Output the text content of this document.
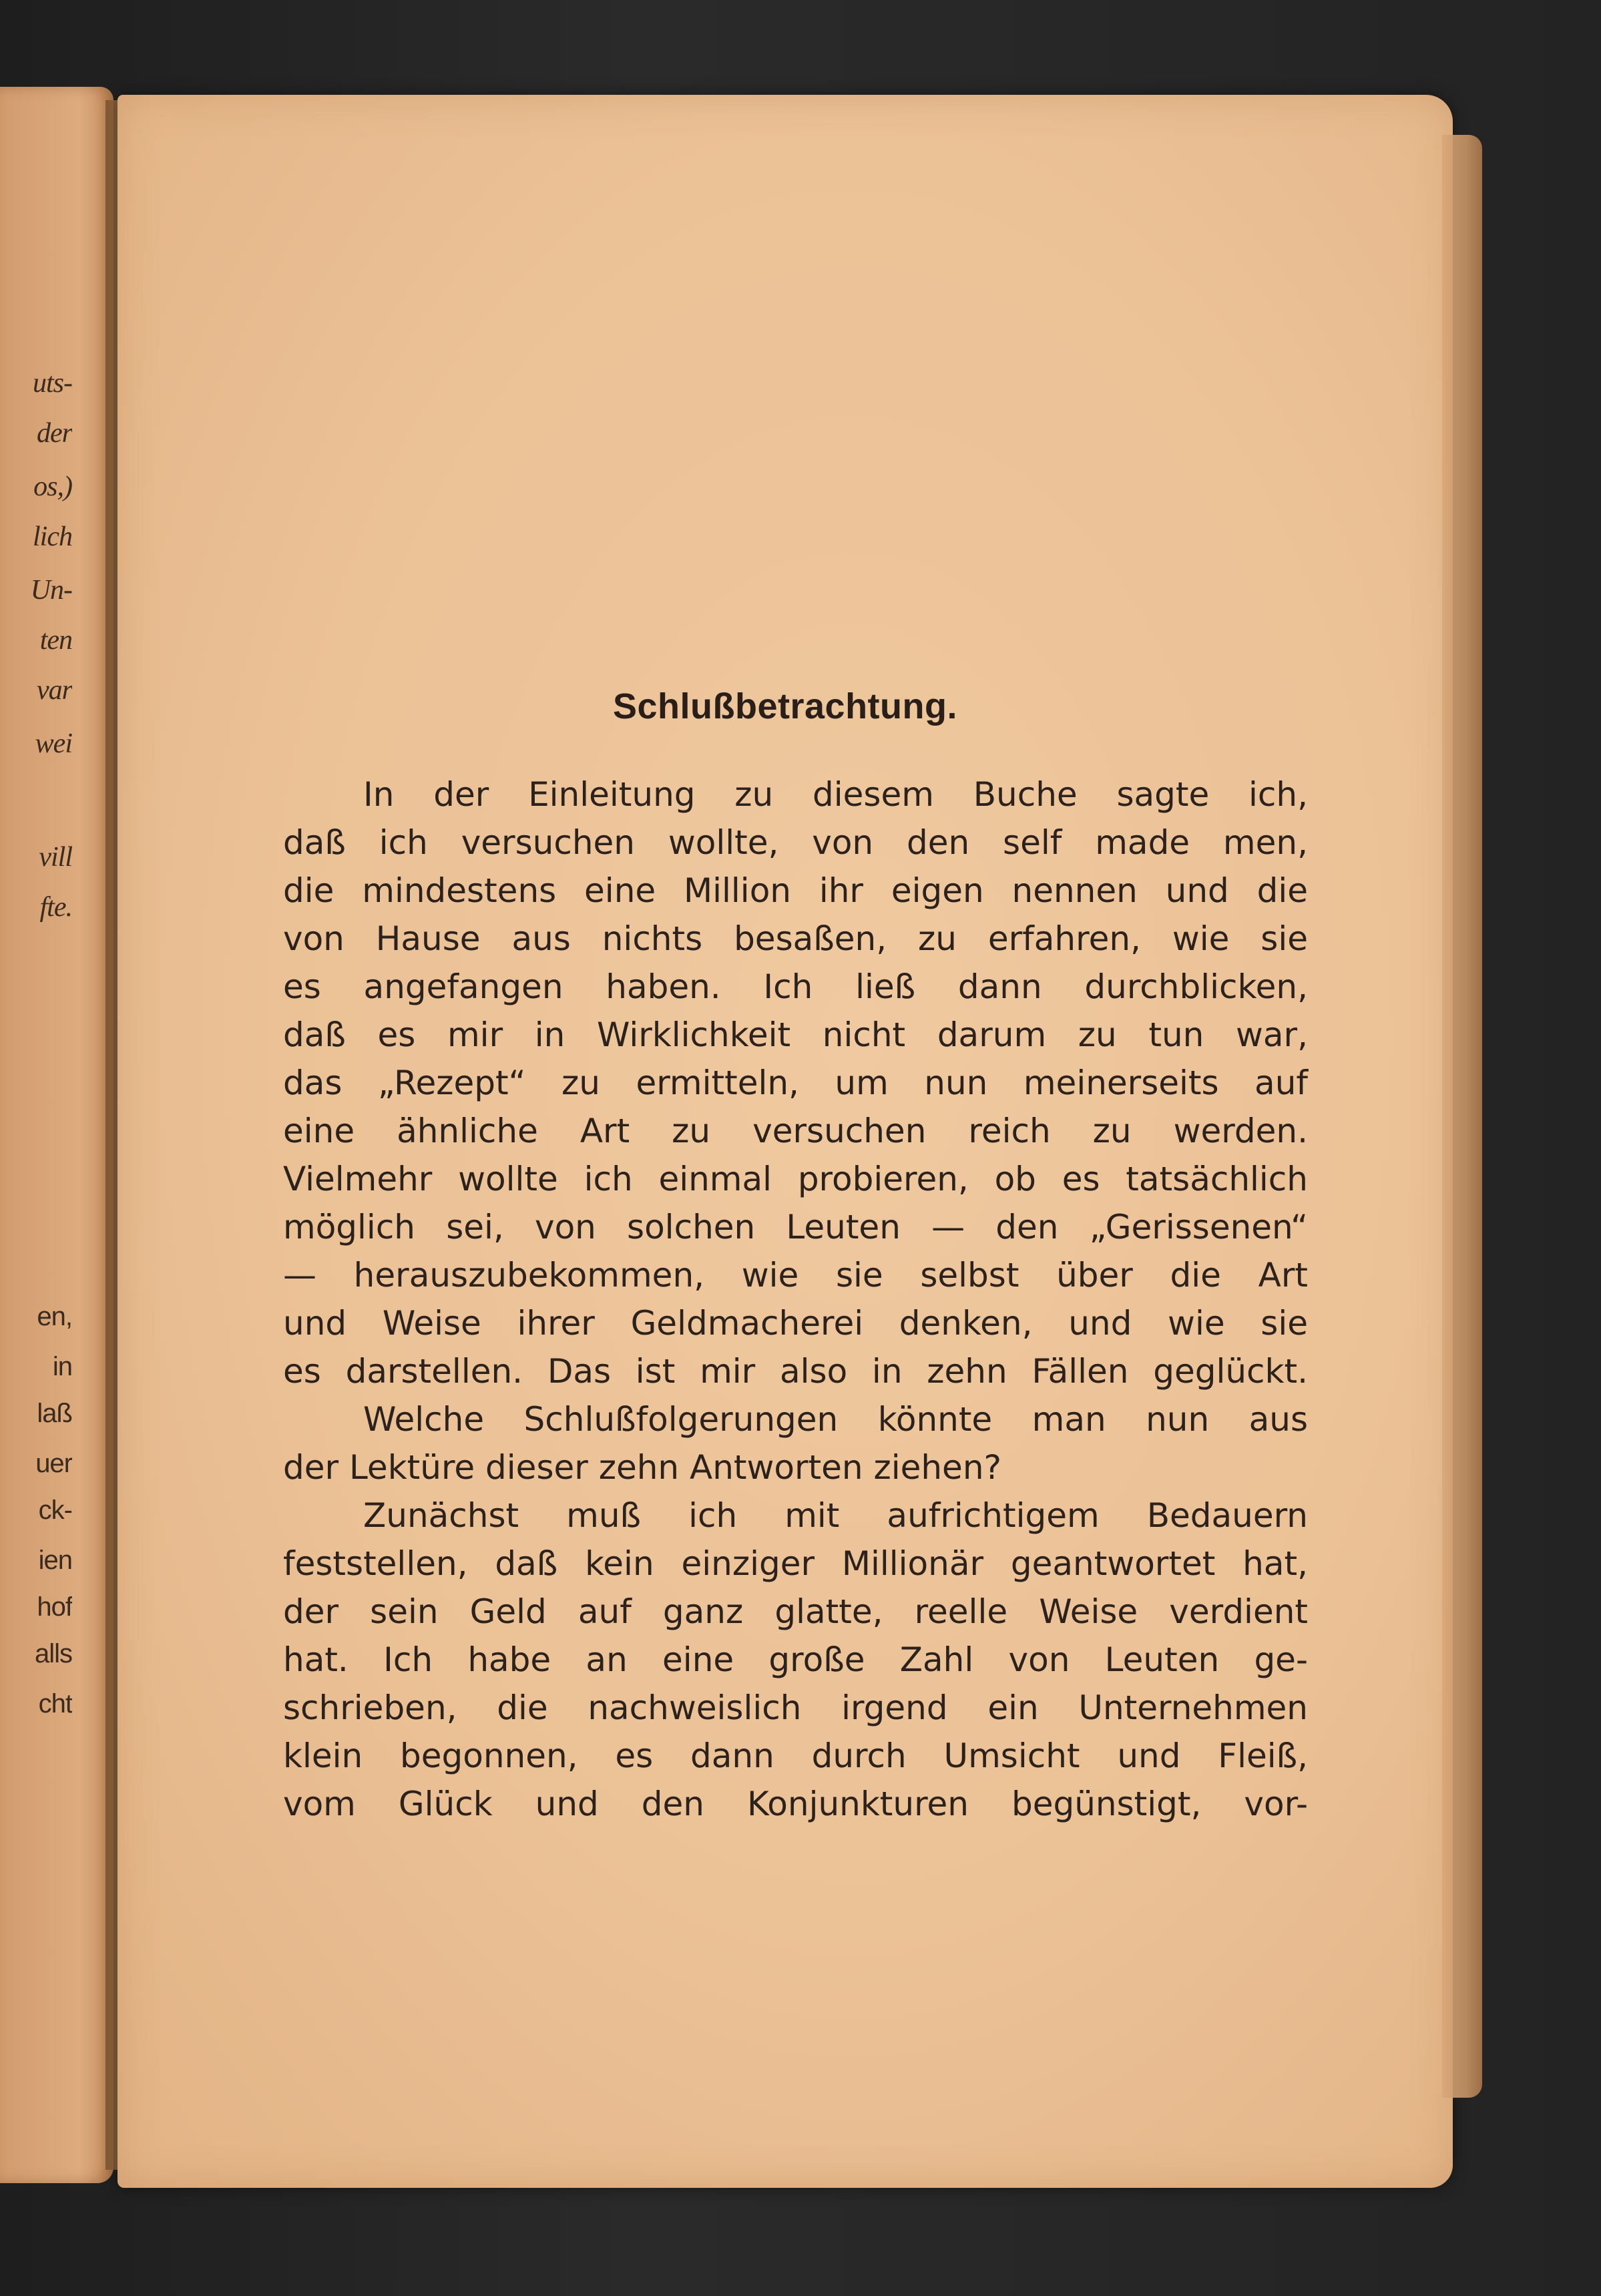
uts-
der
os,)
lich
Un-
ten
var
wei
vill
fte.
en,
in
laß
uer
ck-
ien
hof
alls
cht
Schlußbetrachtung.
In der Einleitung zu diesem Buche sagte ich,
daß ich versuchen wollte, von den self made men,
die mindestens eine Million ihr eigen nennen und die
von Hause aus nichts besaßen, zu erfahren, wie sie
es angefangen haben. Ich ließ dann durchblicken,
daß es mir in Wirklichkeit nicht darum zu tun war,
das „Rezept“ zu ermitteln, um nun meinerseits auf
eine ähnliche Art zu versuchen reich zu werden.
Vielmehr wollte ich einmal probieren, ob es tatsächlich
möglich sei, von solchen Leuten — den „Gerissenen“
— herauszubekommen, wie sie selbst über die Art
und Weise ihrer Geldmacherei denken, und wie sie
es darstellen. Das ist mir also in zehn Fällen geglückt.
Welche Schlußfolgerungen könnte man nun aus
der Lektüre dieser zehn Antworten ziehen?
Zunächst muß ich mit aufrichtigem Bedauern
feststellen, daß kein einziger Millionär geantwortet hat,
der sein Geld auf ganz glatte, reelle Weise verdient
hat. Ich habe an eine große Zahl von Leuten ge-
schrieben, die nachweislich irgend ein Unternehmen
klein begonnen, es dann durch Umsicht und Fleiß,
vom Glück und den Konjunkturen begünstigt, vor-
